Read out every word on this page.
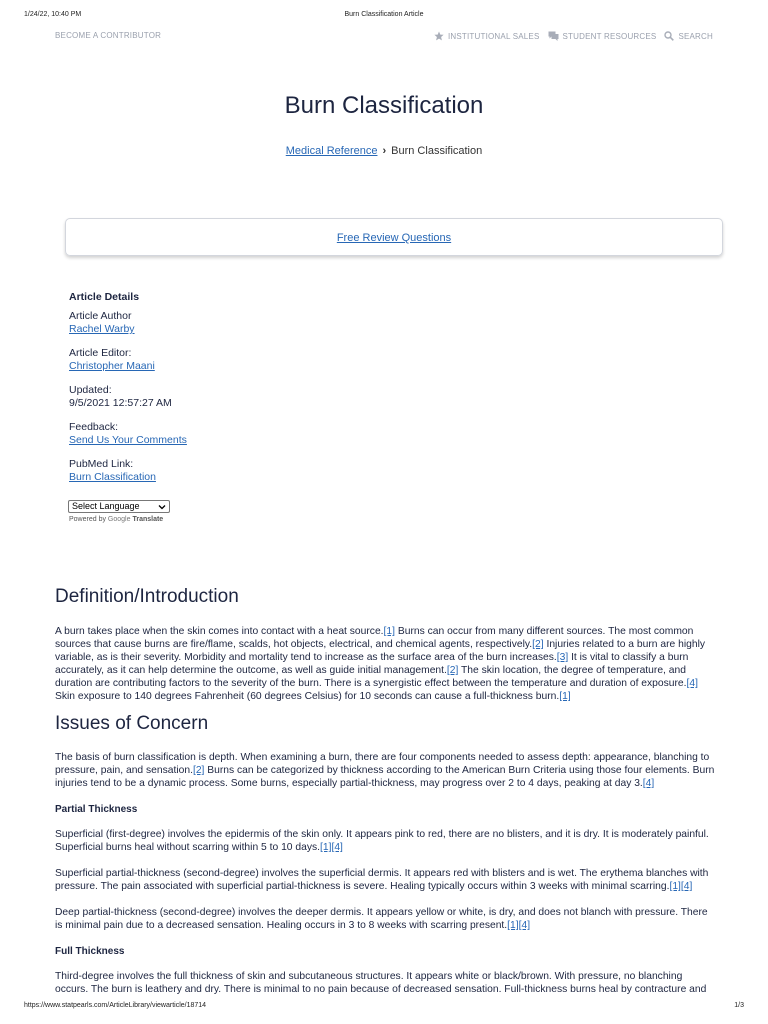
1/24/22, 10:40 PM	Burn Classification Article
BECOME A CONTRIBUTOR	INSTITUTIONAL SALES	STUDENT RESOURCES	SEARCH
Burn Classification
Medical Reference › Burn Classification
Free Review Questions
Article Details
Article Author
Rachel Warby
Article Editor:
Christopher Maani
Updated:
9/5/2021 12:57:27 AM
Feedback:
Send Us Your Comments
PubMed Link:
Burn Classification
Select Language
Powered by Google Translate
Definition/Introduction

A burn takes place when the skin comes into contact with a heat source.[1] Burns can occur from many different sources. The most common sources that cause burns are fire/flame, scalds, hot objects, electrical, and chemical agents, respectively.[2] Injuries related to a burn are highly variable, as is their severity. Morbidity and mortality tend to increase as the surface area of the burn increases.[3] It is vital to classify a burn accurately, as it can help determine the outcome, as well as guide initial management.[2] The skin location, the degree of temperature, and duration are contributing factors to the severity of the burn. There is a synergistic effect between the temperature and duration of exposure.[4] Skin exposure to 140 degrees Fahrenheit (60 degrees Celsius) for 10 seconds can cause a full-thickness burn.[1]

Issues of Concern

The basis of burn classification is depth. When examining a burn, there are four components needed to assess depth: appearance, blanching to pressure, pain, and sensation.[2] Burns can be categorized by thickness according to the American Burn Criteria using those four elements. Burn injuries tend to be a dynamic process. Some burns, especially partial-thickness, may progress over 2 to 4 days, peaking at day 3.[4]

Partial Thickness

Superficial (first-degree) involves the epidermis of the skin only. It appears pink to red, there are no blisters, and it is dry. It is moderately painful. Superficial burns heal without scarring within 5 to 10 days.[1][4]

Superficial partial-thickness (second-degree) involves the superficial dermis. It appears red with blisters and is wet. The erythema blanches with pressure. The pain associated with superficial partial-thickness is severe. Healing typically occurs within 3 weeks with minimal scarring.[1][4]

Deep partial-thickness (second-degree) involves the deeper dermis. It appears yellow or white, is dry, and does not blanch with pressure. There is minimal pain due to a decreased sensation. Healing occurs in 3 to 8 weeks with scarring present.[1][4]

Full Thickness

Third-degree involves the full thickness of skin and subcutaneous structures. It appears white or black/brown. With pressure, no blanching occurs. The burn is leathery and dry. There is minimal to no pain because of decreased sensation. Full-thickness burns heal by contracture and

https://www.statpearls.com/ArticleLibrary/viewarticle/18714	1/3
